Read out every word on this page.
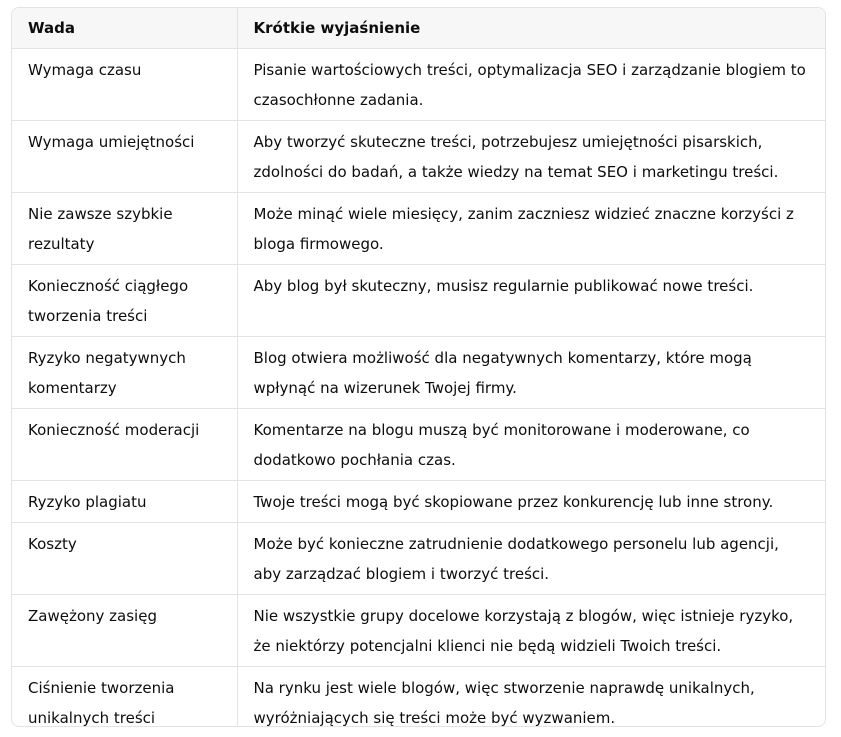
Wada	Krótkie wyjaśnienie
Wymaga czasu	Pisanie wartościowych treści, optymalizacja SEO i zarządzanie blogiem to czasochłonne zadania.
Wymaga umiejętności	Aby tworzyć skuteczne treści, potrzebujesz umiejętności pisarskich, zdolności do badań, a także wiedzy na temat SEO i marketingu treści.
Nie zawsze szybkie rezultaty	Może minąć wiele miesięcy, zanim zaczniesz widzieć znaczne korzyści z bloga firmowego.
Konieczność ciągłego tworzenia treści	Aby blog był skuteczny, musisz regularnie publikować nowe treści.
Ryzyko negatywnych komentarzy	Blog otwiera możliwość dla negatywnych komentarzy, które mogą wpłynąć na wizerunek Twojej firmy.
Konieczność moderacji	Komentarze na blogu muszą być monitorowane i moderowane, co dodatkowo pochłania czas.
Ryzyko plagiatu	Twoje treści mogą być skopiowane przez konkurencję lub inne strony.
Koszty	Może być konieczne zatrudnienie dodatkowego personelu lub agencji, aby zarządzać blogiem i tworzyć treści.
Zawężony zasięg	Nie wszystkie grupy docelowe korzystają z blogów, więc istnieje ryzyko, że niektórzy potencjalni klienci nie będą widzieli Twoich treści.
Ciśnienie tworzenia unikalnych treści	Na rynku jest wiele blogów, więc stworzenie naprawdę unikalnych, wyróżniających się treści może być wyzwaniem.
